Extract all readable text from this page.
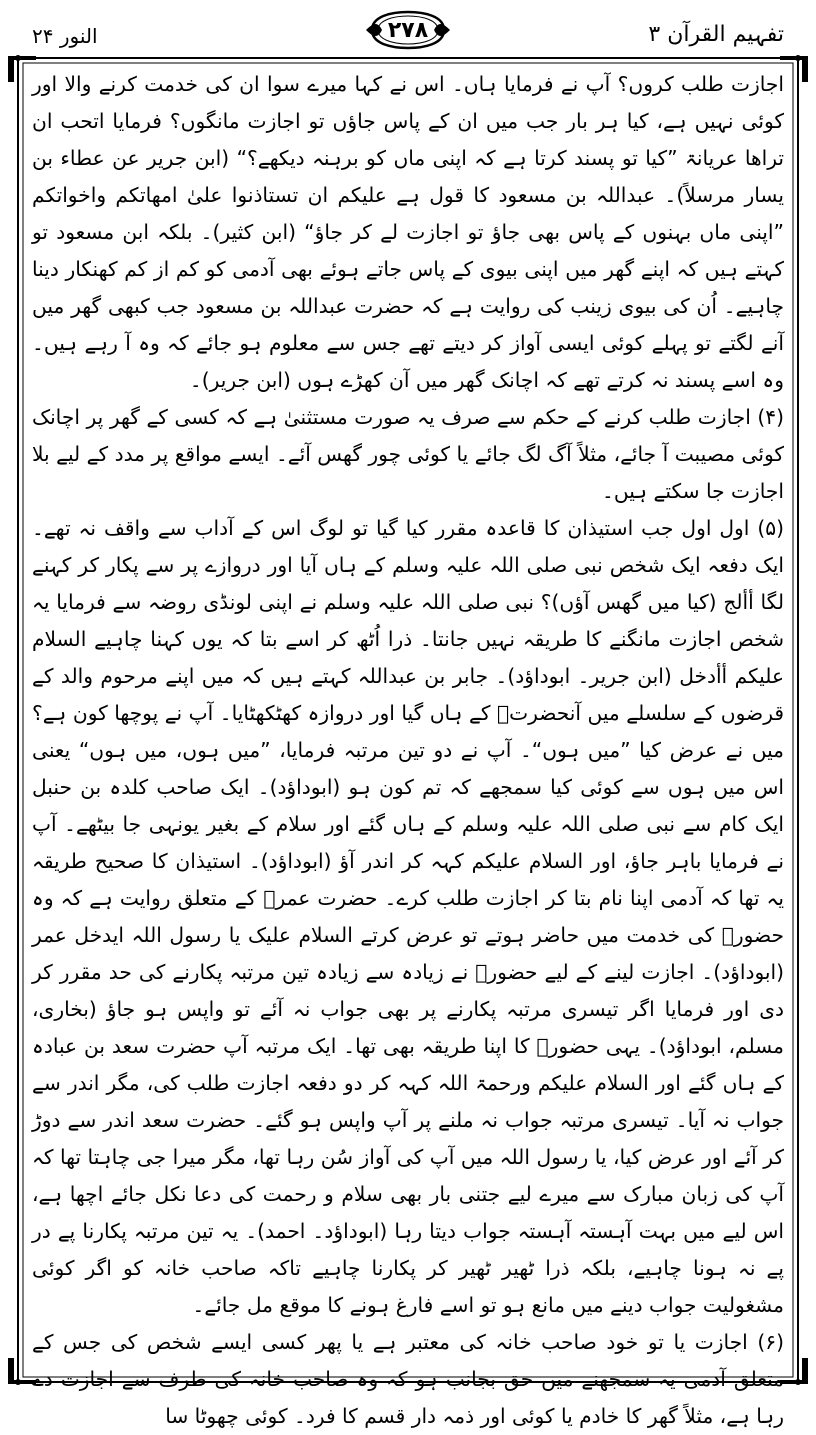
النور ۲۴	۲۷۸	تفہیم القرآن ۳

اجازت طلب کروں؟ آپ نے فرمایا ہاں۔ اس نے کہا میرے سوا ان کی خدمت کرنے والا اور کوئی نہیں ہے، کیا ہر بار جب میں ان کے پاس جاؤں تو اجازت مانگوں؟ فرمایا اتحب ان تراھا عریانۃ ”کیا تو پسند کرتا ہے کہ اپنی ماں کو برہنہ دیکھے؟“ (ابن جریر عن عطاء بن یسار مرسلاً)۔ عبداللہ بن مسعود کا قول ہے علیکم ان تستاذنوا علیٰ امھاتکم واخواتکم ”اپنی ماں بہنوں کے پاس بھی جاؤ تو اجازت لے کر جاؤ“ (ابن کثیر)۔ بلکہ ابن مسعود تو کہتے ہیں کہ اپنے گھر میں اپنی بیوی کے پاس جاتے ہوئے بھی آدمی کو کم از کم کھنکار دینا چاہیے۔ اُن کی بیوی زینب کی روایت ہے کہ حضرت عبداللہ بن مسعود جب کبھی گھر میں آنے لگتے تو پہلے کوئی ایسی آواز کر دیتے تھے جس سے معلوم ہو جائے کہ وہ آ رہے ہیں۔ وہ اسے پسند نہ کرتے تھے کہ اچانک گھر میں آن کھڑے ہوں (ابن جریر)۔

(۴) اجازت طلب کرنے کے حکم سے صرف یہ صورت مستثنیٰ ہے کہ کسی کے گھر پر اچانک کوئی مصیبت آ جائے، مثلاً آگ لگ جائے یا کوئی چور گھس آئے۔ ایسے مواقع پر مدد کے لیے بلا اجازت جا سکتے ہیں۔

(۵) اول اول جب استیذان کا قاعدہ مقرر کیا گیا تو لوگ اس کے آداب سے واقف نہ تھے۔ ایک دفعہ ایک شخص نبی صلی اللہ علیہ وسلم کے ہاں آیا اور دروازے پر سے پکار کر کہنے لگا أألج (کیا میں گھس آؤں)؟ نبی صلی اللہ علیہ وسلم نے اپنی لونڈی روضہ سے فرمایا یہ شخص اجازت مانگنے کا طریقہ نہیں جانتا۔ ذرا اُٹھ کر اسے بتا کہ یوں کہنا چاہیے السلام علیکم أأدخل (ابن جریر۔ ابوداؤد)۔ جابر بن عبداللہ کہتے ہیں کہ میں اپنے مرحوم والد کے قرضوں کے سلسلے میں آنحضرتؐ کے ہاں گیا اور دروازہ کھٹکھٹایا۔ آپ نے پوچھا کون ہے؟ میں نے عرض کیا ”میں ہوں“۔ آپ نے دو تین مرتبہ فرمایا، ”میں ہوں، میں ہوں“ یعنی اس میں ہوں سے کوئی کیا سمجھے کہ تم کون ہو (ابوداؤد)۔ ایک صاحب کلدہ بن حنبل ایک کام سے نبی صلی اللہ علیہ وسلم کے ہاں گئے اور سلام کے بغیر یونہی جا بیٹھے۔ آپ نے فرمایا باہر جاؤ، اور السلام علیکم کہہ کر اندر آؤ (ابوداؤد)۔ استیذان کا صحیح طریقہ یہ تھا کہ آدمی اپنا نام بتا کر اجازت طلب کرے۔ حضرت عمرؓ کے متعلق روایت ہے کہ وہ حضورؐ کی خدمت میں حاضر ہوتے تو عرض کرتے السلام علیک یا رسول اللہ ایدخل عمر (ابوداؤد)۔ اجازت لینے کے لیے حضورؐ نے زیادہ سے زیادہ تین مرتبہ پکارنے کی حد مقرر کر دی اور فرمایا اگر تیسری مرتبہ پکارنے پر بھی جواب نہ آئے تو واپس ہو جاؤ (بخاری، مسلم، ابوداؤد)۔ یہی حضورؐ کا اپنا طریقہ بھی تھا۔ ایک مرتبہ آپ حضرت سعد بن عبادہ کے ہاں گئے اور السلام علیکم ورحمۃ اللہ کہہ کر دو دفعہ اجازت طلب کی، مگر اندر سے جواب نہ آیا۔ تیسری مرتبہ جواب نہ ملنے پر آپ واپس ہو گئے۔ حضرت سعد اندر سے دوڑ کر آئے اور عرض کیا، یا رسول اللہ میں آپ کی آواز سُن رہا تھا، مگر میرا جی چاہتا تھا کہ آپ کی زبان مبارک سے میرے لیے جتنی بار بھی سلام و رحمت کی دعا نکل جائے اچھا ہے، اس لیے میں بہت آہستہ آہستہ جواب دیتا رہا (ابوداؤد۔ احمد)۔ یہ تین مرتبہ پکارنا پے در پے نہ ہونا چاہیے، بلکہ ذرا ٹھیر ٹھیر کر پکارنا چاہیے تاکہ صاحب خانہ کو اگر کوئی مشغولیت جواب دینے میں مانع ہو تو اسے فارغ ہونے کا موقع مل جائے۔

(۶) اجازت یا تو خود صاحب خانہ کی معتبر ہے یا پھر کسی ایسے شخص کی جس کے متعلق آدمی یہ سمجھنے میں حق بجانب ہو کہ وہ صاحب خانہ کی طرف سے اجازت دے رہا ہے، مثلاً گھر کا خادم یا کوئی اور ذمہ دار قسم کا فرد۔ کوئی چھوٹا سا
